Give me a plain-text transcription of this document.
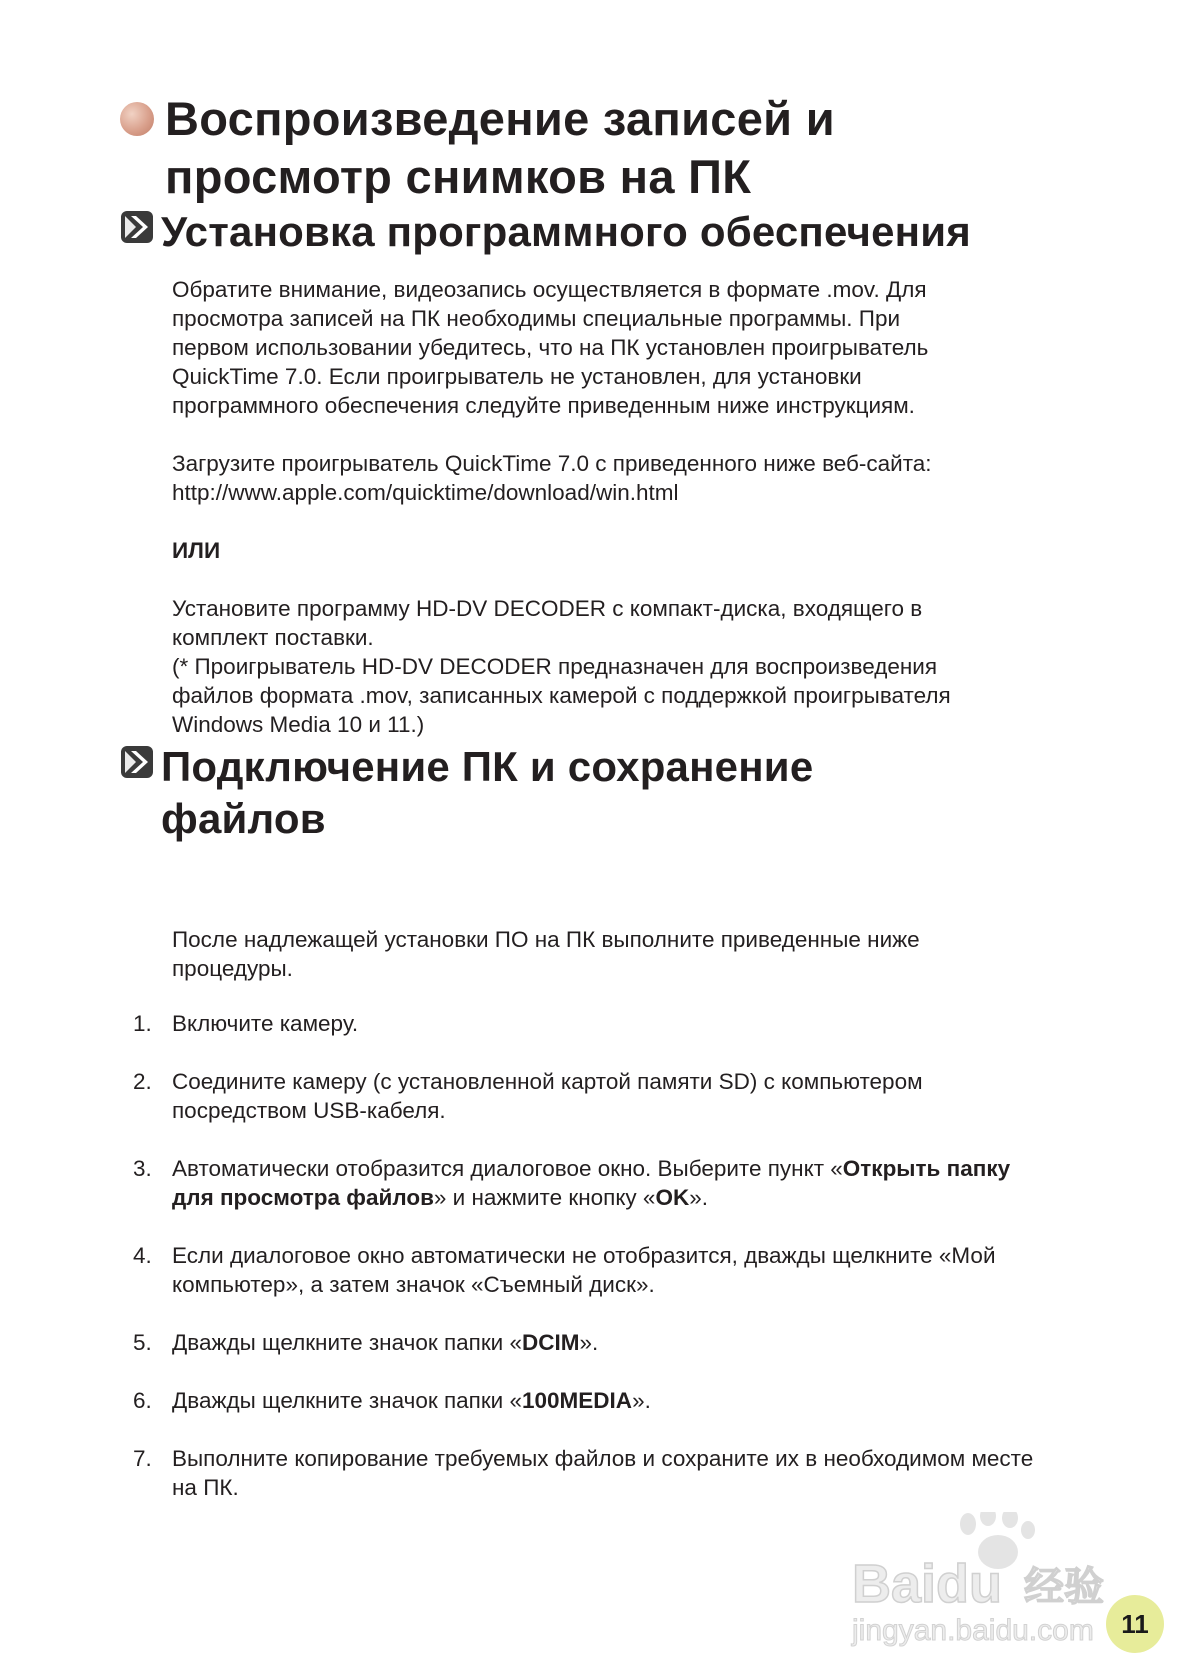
Воспроизведение записей и просмотр снимков на ПК
Установка программного обеспечения

Обратите внимание, видеозапись осуществляется в формате .mov. Для просмотра записей на ПК необходимы специальные программы. При первом использовании убедитесь, что на ПК установлен проигрыватель QuickTime 7.0. Если проигрыватель не установлен, для установки программного обеспечения следуйте приведенным ниже инструкциям.

Загрузите проигрыватель QuickTime 7.0 с приведенного ниже веб-сайта:
http://www.apple.com/quicktime/download/win.html

ИЛИ

Установите программу HD-DV DECODER с компакт-диска, входящего в комплект поставки.

(* Проигрыватель HD-DV DECODER предназначен для воспроизведения файлов формата .mov, записанных камерой с поддержкой проигрывателя Windows Media 10 и 11.)

Подключение ПК и сохранение файлов
После надлежащей установки ПО на ПК выполните приведенные ниже процедуры.
1. Включите камеру.
2. Соедините камеру (с установленной картой памяти SD) с компьютером посредством USB-кабеля.
3. Автоматически отобразится диалоговое окно. Выберите пункт «Открыть папку для просмотра файлов» и нажмите кнопку «OK».
4. Если диалоговое окно автоматически не отобразится, дважды щелкните «Мой компьютер», а затем значок «Съемный диск».
5. Дважды щелкните значок папки «DCIM».
6. Дважды щелкните значок папки «100MEDIA».
7. Выполните копирование требуемых файлов и сохраните их в необходимом месте на ПК.
Baidu 经验
jingyan.baidu.com	11
